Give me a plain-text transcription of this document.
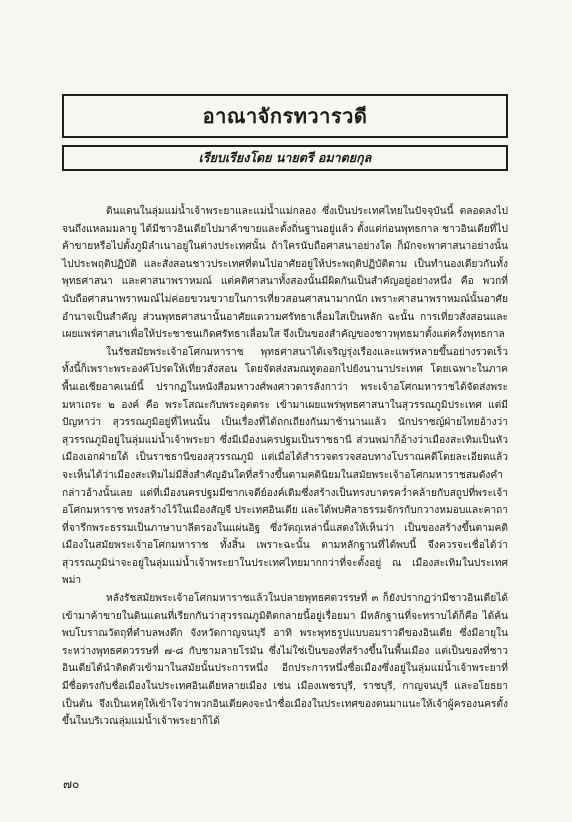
อาณาจักรทวารวดี
เรียบเรียงโดย นายตรี อมาตยกุล

ดินแดนในลุ่มแม่น้ำเจ้าพระยาและแม่น้ำแม่กลอง ซึ่งเป็นประเทศไทยในปัจจุบันนี้ ตลอดลงไปจนถึงแหลมมลายู ได้มีชาวอินเดียไปมาค้าขายและตั้งถิ่นฐานอยู่แล้ว ตั้งแต่ก่อนพุทธกาล ชาวอินเดียที่ไปค้าขายหรือไปตั้งภูมิลำเนาอยู่ในต่างประเทศนั้น ถ้าใครนับถือศาสนาอย่างใด ก็มักจะพาศาสนาอย่างนั้นไปประพฤติปฏิบัติ และสั่งสอนชาวประเทศที่ตนไปอาศัยอยู่ให้ประพฤติปฏิบัติตาม เป็นทำนองเดียวกันทั้งพุทธศาสนา และศาสนาพราหมณ์ แต่คติศาสนาทั้งสองนั้นมีผิดกันเป็นสำคัญอยู่อย่างหนึ่ง คือ พวกที่นับถือศาสนาพราหมณ์ไม่ค่อยขวนขวายในการเที่ยวสอนศาสนามากนัก เพราะศาสนาพราหมณ์นั้นอาศัยอำนาจเป็นสำคัญ ส่วนพุทธศาสนานั้นอาศัยแดวามศรัทธาเลื่อมใสเป็นหลัก ฉะนั้น การเที่ยวสั่งสอนและเผยแพร่ศาสนาเพื่อให้ประชาชนเกิดศรัทธาเลื่อมใส จึงเป็นของสำคัญของชาวพุทธมาตั้งแต่ครั้งพุทธกาล

ในรัชสมัยพระเจ้าอโศกมหาราช พุทธศาสนาได้เจริญรุ่งเรืองและแพร่หลายขึ้นอย่างรวดเร็ว ทั้งนี้ก็เพราะพระองค์โปรดให้เที่ยวสั่งสอน โดยจัดส่งสมณทูตออกไปยังนานาประเทศ โดยเฉพาะในภาคพื้นเอเชียอาคเนย์นี้ ปรากฏในหนังสือมหาวงศ์พงศาวดารลังกาว่า พระเจ้าอโศกมหาราชได้จัดส่งพระมหาเถระ ๒ องค์ คือ พระโสณะกับพระอุตตระ เข้ามาเผยแพร่พุทธศาสนาในสุวรรณภูมิประเทศ แต่มีปัญหาว่า สุวรรณภูมิอยู่ที่ไหนนั้น เป็นเรื่องที่ได้ถกเถียงกันมาช้านานแล้ว นักปราชญ์ฝ่ายไทยอ้างว่าสุวรรณภูมิอยู่ในลุ่มแม่น้ำเจ้าพระยา ซึ่งมีเมืองนครปฐมเป็นราชธานี ส่วนพม่าก็อ้างว่าเมืองสะเทิมเป็นหัวเมืองเอกฝ่ายใต้ เป็นราชธานีของสุวรรณภูมิ แต่เมื่อได้สำรวจตรวจสอบทางโบราณคดีโดยละเอียดแล้ว จะเห็นได้ว่าเมืองสะเทิมไม่มีสิ่งสำคัญอันใดที่สร้างขึ้นตามคตินิยมในสมัยพระเจ้าอโศกมหาราชสมดังคำกล่าวอ้างนั้นเลย แต่ที่เมืองนครปฐมมีซากเจดีย์องค์เดิมซึ่งสร้างเป็นทรงบาตรคว่ำคล้ายกับสถูปที่พระเจ้าอโศกมหาราช ทรงสร้างไว้ในเมืองสัญจี ประเทศอินเดีย และได้พบศิลาธรรมจักรกับกวางหมอบและคาถาที่จารึกพระธรรมเป็นภาษาบาลีตรองในแผ่นอิฐ ซึ่งวัตถุเหล่านี้แสดงให้เห็นว่า เป็นของสร้างขึ้นตามคติเมืองในสมัยพระเจ้าอโศกมหาราช ทั้งสิ้น เพราะฉะนั้น ตามหลักฐานที่ได้พบนี้ จึงควรจะเชื่อได้ว่าสุวรรณภูมิน่าจะอยู่ในลุ่มแม่น้ำเจ้าพระยาในประเทศไทยมากกว่าที่จะตั้งอยู่ ณ เมืองสะเทิมในประเทศพม่า

หลังรัชสมัยพระเจ้าอโศกมหาราชแล้วในปลายพุทธศตวรรษที่ ๓ ก็ยังปรากฏว่ามีชาวอินเดียได้เข้ามาค้าขายในดินแดนที่เรียกกันว่าสุวรรณภูมิติดกลายนี้อยู่เรื่อยมา มีหลักฐานที่จะทราบได้ก็คือ ได้ค้นพบโบราณวัตถุที่ตำบลพงตึก จังหวัดกาญจนบุรี อาทิ พระพุทธรูปแบบอมราวดีของอินเดีย ซึ่งมีอายุในระหว่างพุทธศตวรรษที่ ๗-๘ กับชามลายโรมัน ซึ่งไม่ใช่เป็นของที่สร้างขึ้นในพื้นเมือง แต่เป็นของที่ชาวอินเดียได้นำติดตัวเข้ามาในสมัยนั้นประการหนึ่ง อีกประการหนึ่งชื่อเมืองซึ่งอยู่ในลุ่มแม่น้ำเจ้าพระยาที่มีชื่อตรงกับชื่อเมืองในประเทศอินเดียหลายเมือง เช่น เมืองเพชรบุรี, ราชบุรี, กาญจนบุรี และอโยธยาเป็นต้น จึงเป็นเหตุให้เข้าใจว่าพวกอินเดียคงจะนำชื่อเมืองในประเทศของตนมาแนะให้เจ้าผู้ครองนครตั้งขึ้นในบริเวณลุ่มแม่น้ำเจ้าพระยาก็ได้

๗๐
